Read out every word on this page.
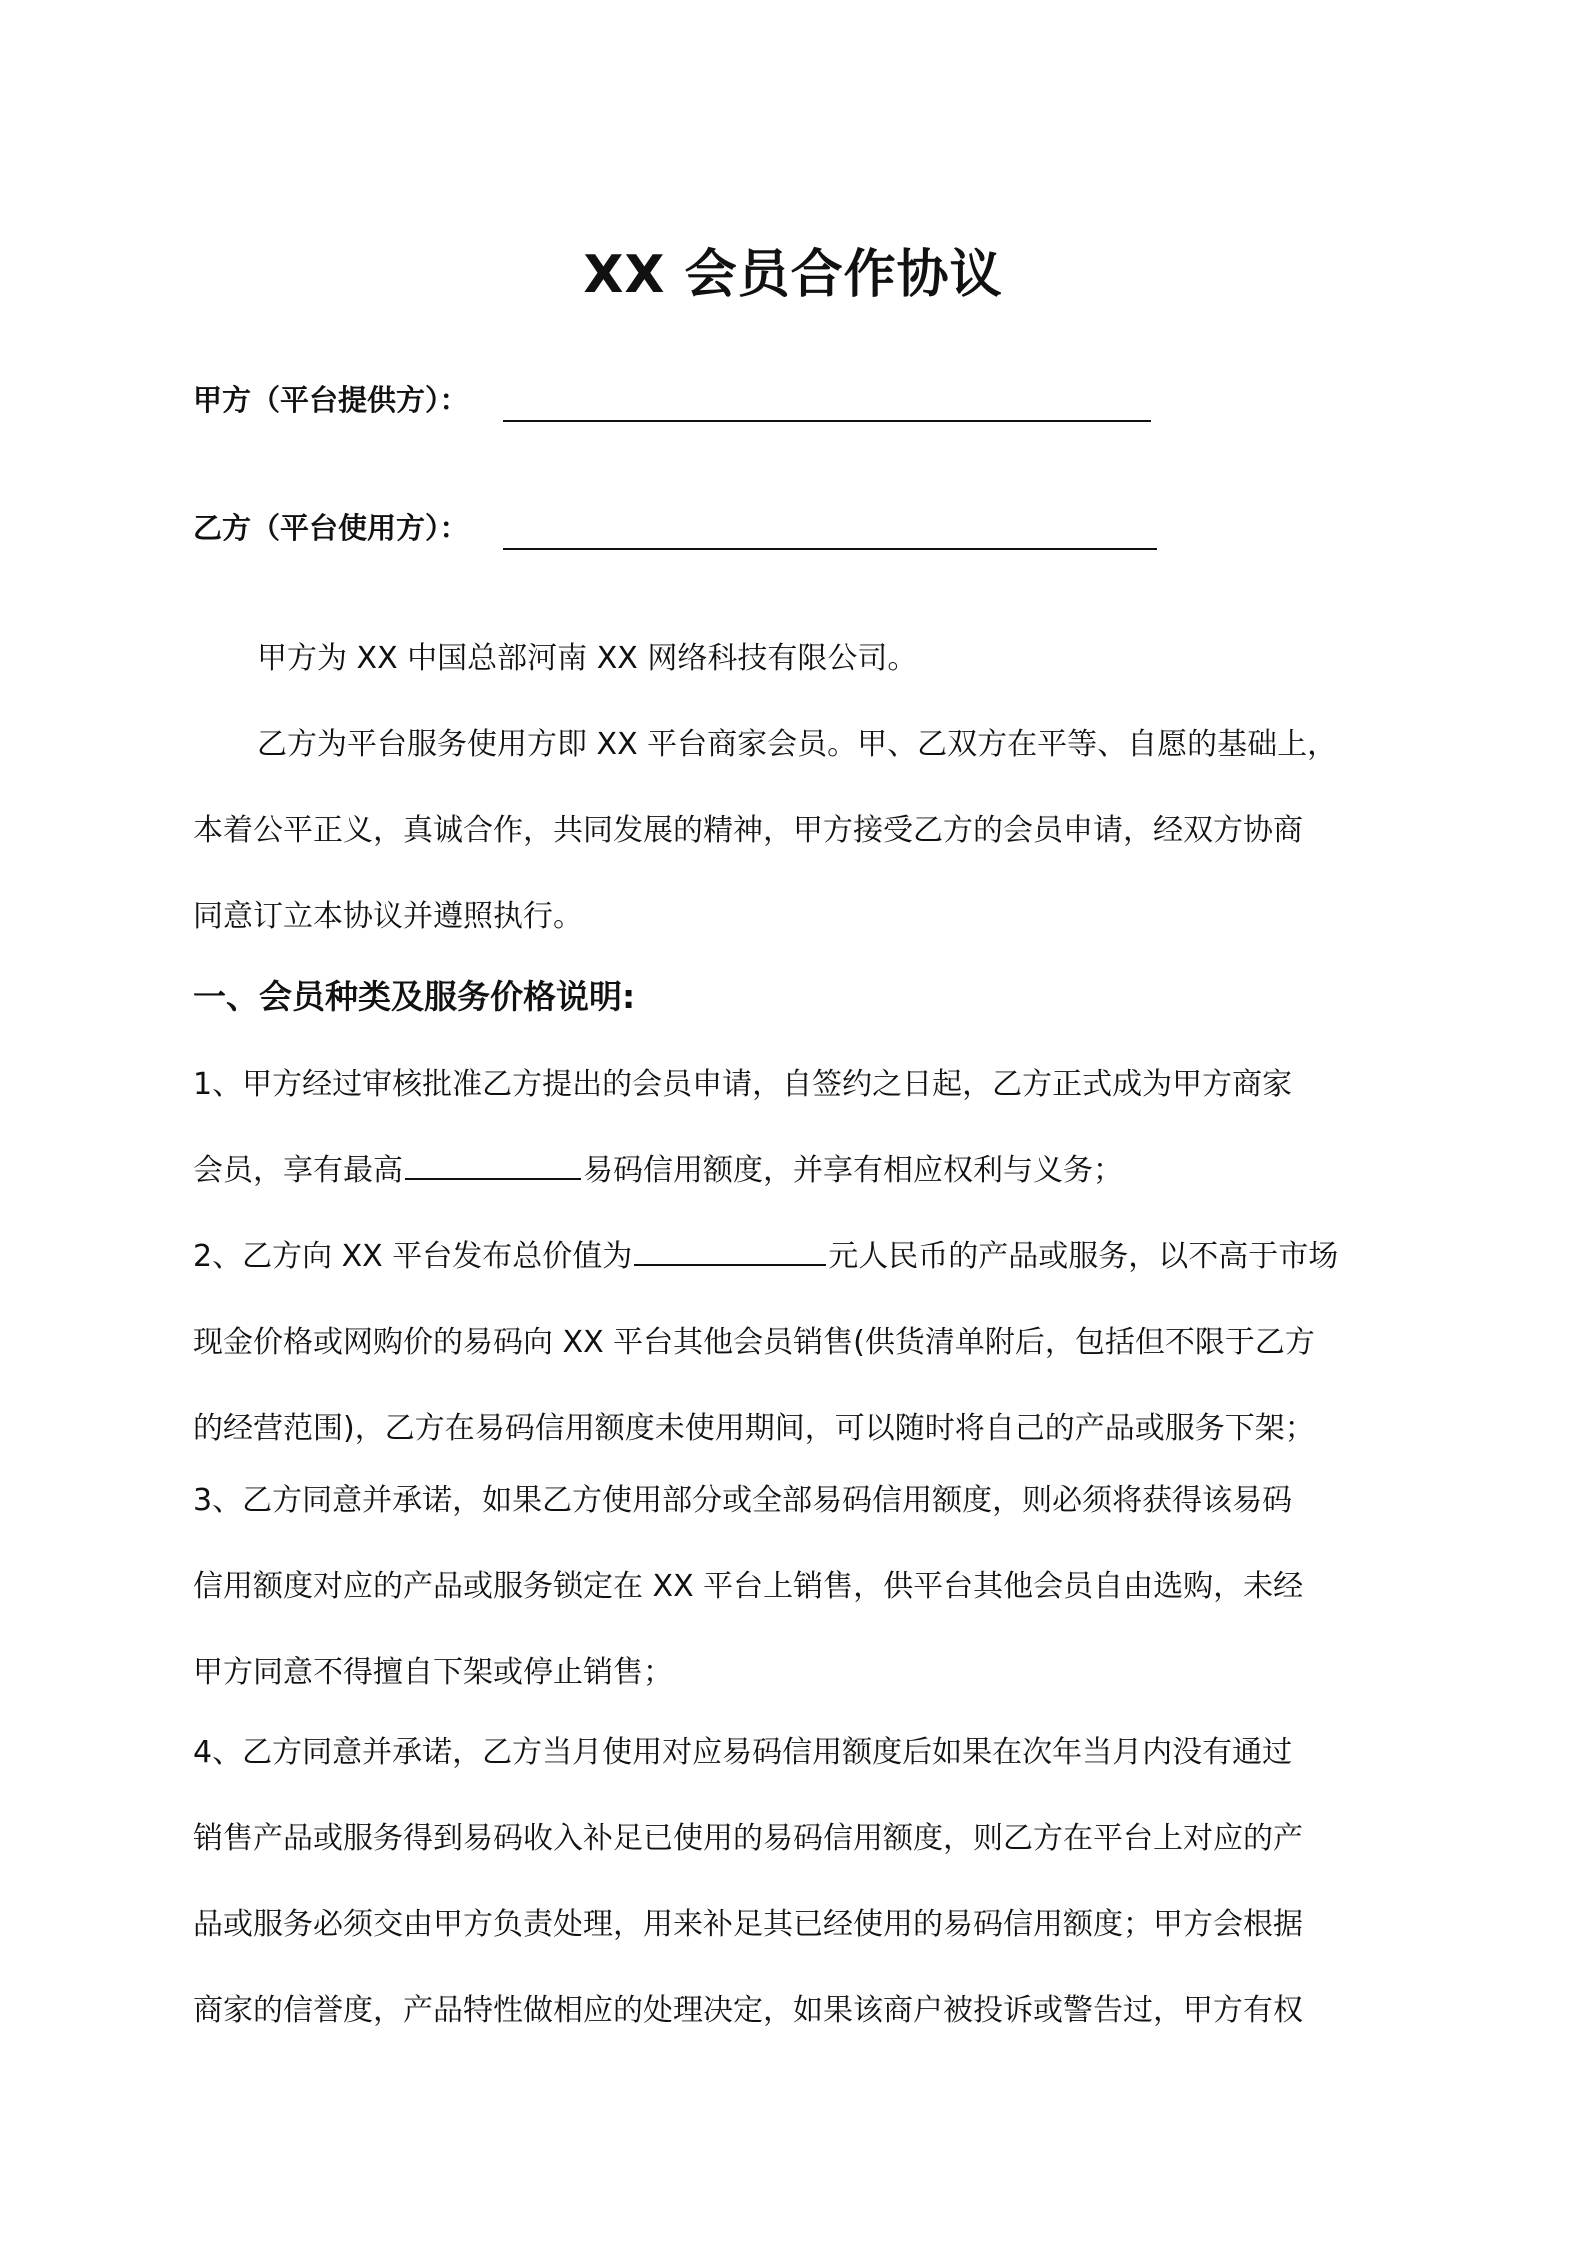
XX 会员合作协议
甲方（平台提供方）：
乙方（平台使用方）：
甲方为 XX 中国总部河南 XX 网络科技有限公司。
乙方为平台服务使用方即 XX 平台商家会员。甲、乙双方在平等、自愿的基础上，
本着公平正义，真诚合作，共同发展的精神，甲方接受乙方的会员申请，经双方协商
同意订立本协议并遵照执行。
一、会员种类及服务价格说明:
1、甲方经过审核批准乙方提出的会员申请，自签约之日起，乙方正式成为甲方商家
会员，享有最高	易码信用额度，并享有相应权利与义务；
2、乙方向 XX 平台发布总价值为	元人民币的产品或服务，以不高于市场
现金价格或网购价的易码向 XX 平台其他会员销售(供货清单附后，包括但不限于乙方
的经营范围)，乙方在易码信用额度未使用期间，可以随时将自己的产品或服务下架；
3、乙方同意并承诺，如果乙方使用部分或全部易码信用额度，则必须将获得该易码
信用额度对应的产品或服务锁定在 XX 平台上销售，供平台其他会员自由选购，未经
甲方同意不得擅自下架或停止销售；
4、乙方同意并承诺，乙方当月使用对应易码信用额度后如果在次年当月内没有通过
销售产品或服务得到易码收入补足已使用的易码信用额度，则乙方在平台上对应的产
品或服务必须交由甲方负责处理，用来补足其已经使用的易码信用额度；甲方会根据
商家的信誉度，产品特性做相应的处理决定，如果该商户被投诉或警告过，甲方有权
